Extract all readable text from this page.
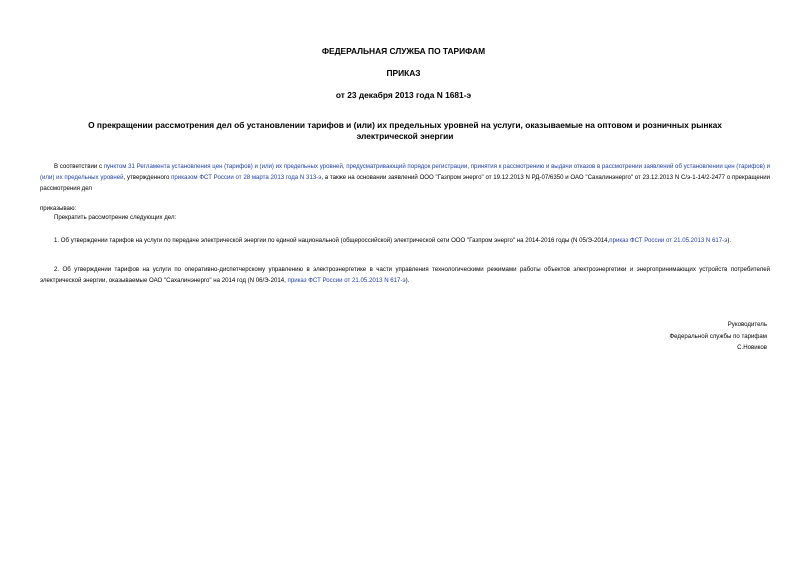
ФЕДЕРАЛЬНАЯ СЛУЖБА ПО ТАРИФАМ
ПРИКАЗ
от 23 декабря 2013 года N 1681-э
О прекращении рассмотрения дел об установлении тарифов и (или) их предельных уровней на услуги, оказываемые на оптовом и розничных рынках электрической энергии
В соответствии с пунктом 31 Регламента установления цен (тарифов) и (или) их предельных уровней, предусматривающий порядок регистрации, принятия к рассмотрению и выдачи отказов в рассмотрении заявлений об установлении цен (тарифов) и (или) их предельных уровней, утвержденного приказом ФСТ России от 28 марта 2013 года N 313-э, а также на основании заявлений ООО "Газпром энерго" от 19.12.2013 N РД-07/6350 и ОАО "Сахалинэнерго" от 23.12.2013 N С/э-1-14/2-2477 о прекращении рассмотрения дел
приказываю:
Прекратить рассмотрение следующих дел:
1. Об утверждении тарифов на услуги по передаче электрической энергии по единой национальной (общероссийской) электрической сети ООО "Газпром энерго" на 2014-2016 годы (N 05/Э-2014,приказ ФСТ России от 21.05.2013 N 617-э).
2. Об утверждении тарифов на услуги по оперативно-диспетчерскому управлению в электроэнергетике в части управления технологическими режимами работы объектов электроэнергетики и энергопринимающих устройств потребителей электрической энергии, оказываемые ОАО "Сахалинэнерго" на 2014 год (N 06/Э-2014, приказ ФСТ России от 21.05.2013 N 617-э).
Руководитель
Федеральной службы по тарифам
С.Новиков
